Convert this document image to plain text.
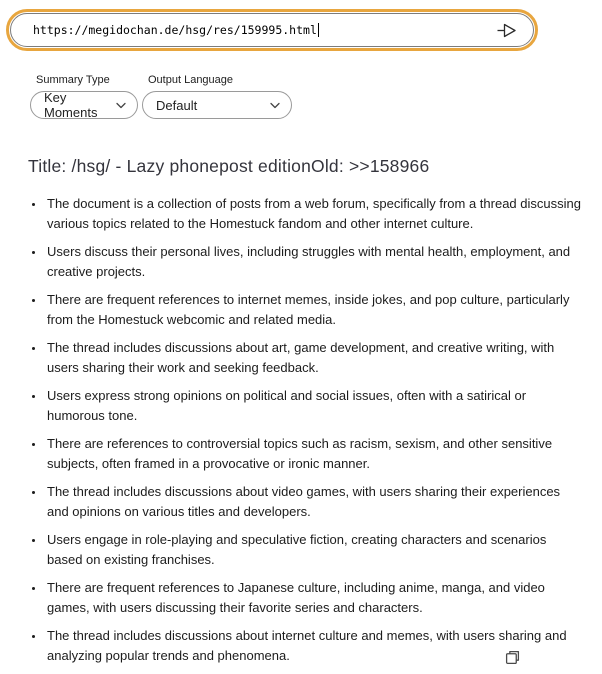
https://megidochan.de/hsg/res/159995.html
Summary Type
Key Moments
Output Language
Default
Title: /hsg/ - Lazy phonepost editionOld: >>158966
• The document is a collection of posts from a web forum, specifically from a thread discussing various topics related to the Homestuck fandom and other internet culture.
• Users discuss their personal lives, including struggles with mental health, employment, and creative projects.
• There are frequent references to internet memes, inside jokes, and pop culture, particularly from the Homestuck webcomic and related media.
• The thread includes discussions about art, game development, and creative writing, with users sharing their work and seeking feedback.
• Users express strong opinions on political and social issues, often with a satirical or humorous tone.
• There are references to controversial topics such as racism, sexism, and other sensitive subjects, often framed in a provocative or ironic manner.
• The thread includes discussions about video games, with users sharing their experiences and opinions on various titles and developers.
• Users engage in role-playing and speculative fiction, creating characters and scenarios based on existing franchises.
• There are frequent references to Japanese culture, including anime, manga, and video games, with users discussing their favorite series and characters.
• The thread includes discussions about internet culture and memes, with users sharing and analyzing popular trends and phenomena.
